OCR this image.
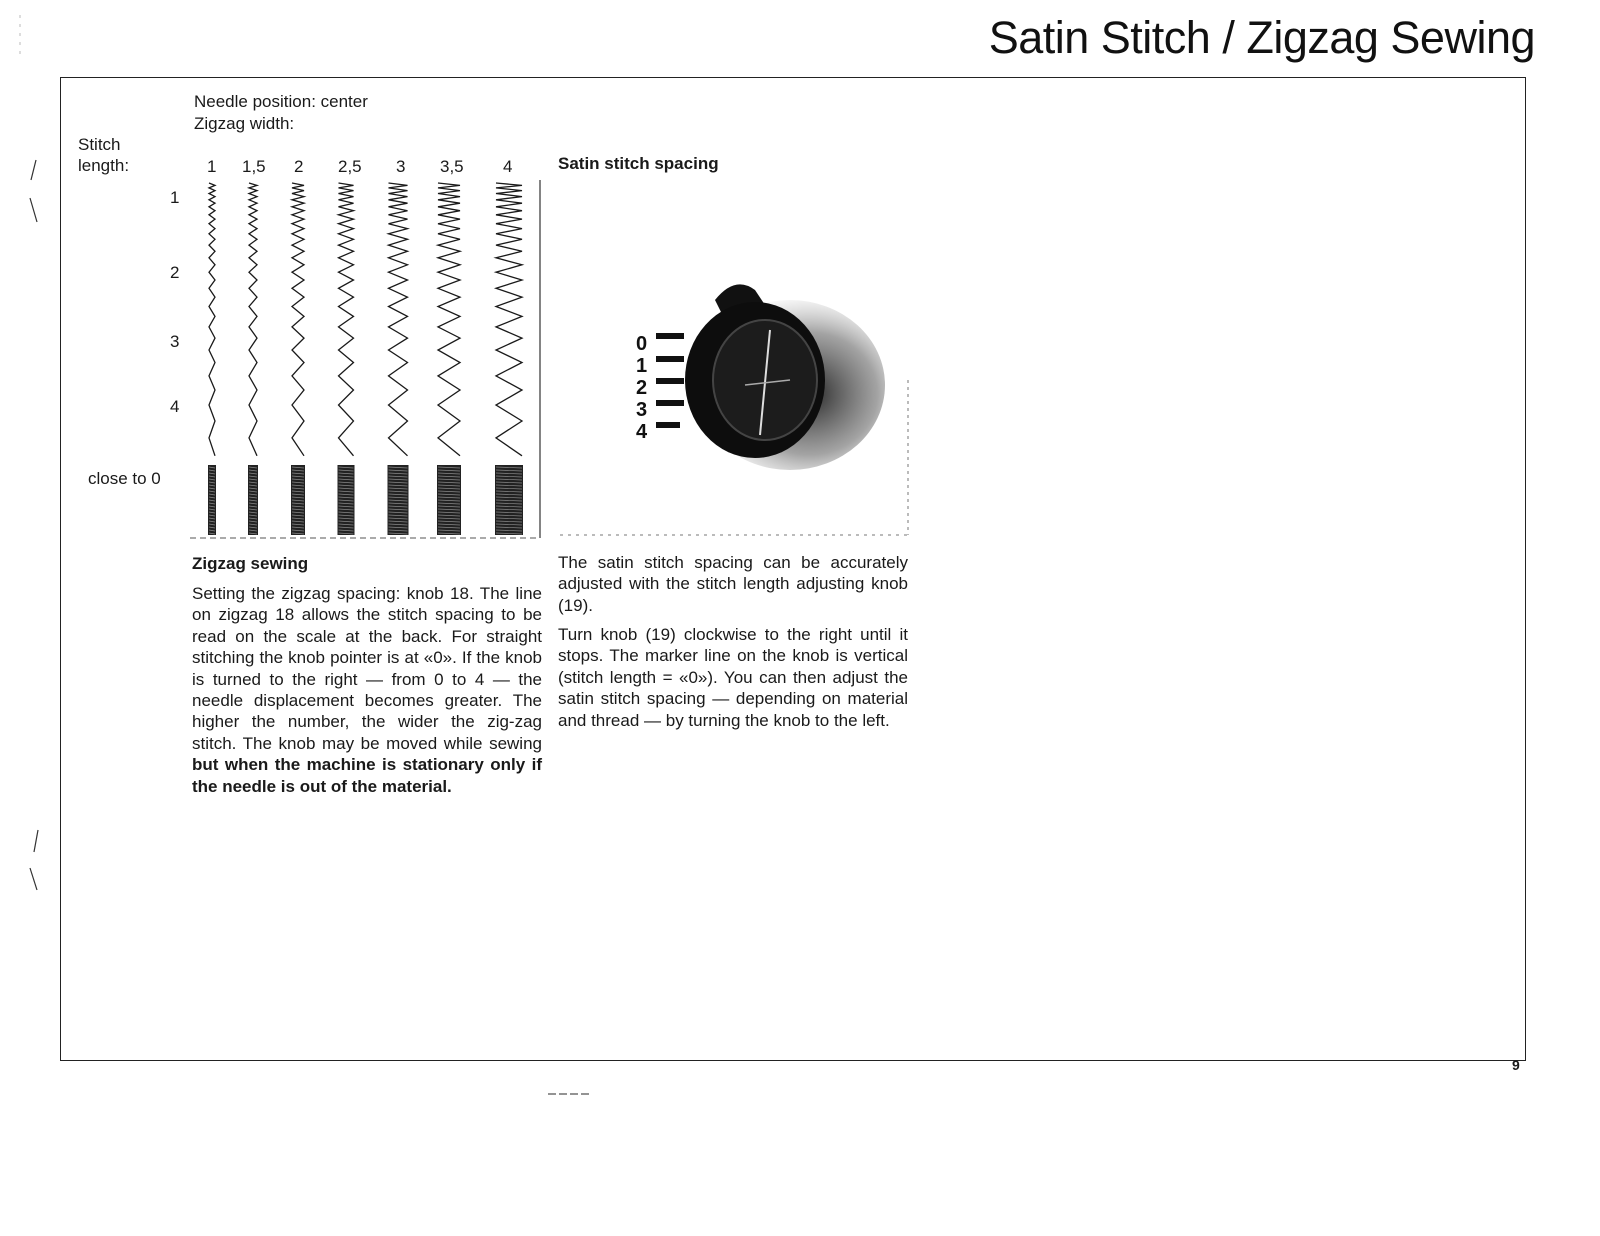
Satin Stitch / Zigzag Sewing
Needle position: center
Zigzag width:
Stitch
length:	1 1,5 2 2,5 3 3,5 4
1
2
3
4
close to 0
Satin stitch spacing
0
1
2
3
4
Zigzag sewing

Setting the zigzag spacing: knob 18. The line on zigzag 18 allows the stitch spacing to be read on the scale at the back. For straight stitching the knob pointer is at «0». If the knob is turned to the right — from 0 to 4 — the needle displacement becomes greater. The higher the number, the wider the zig-zag stitch. The knob may be moved while sewing but when the machine is stationary only if the needle is out of the material.

The satin stitch spacing can be accurately adjusted with the stitch length adjusting knob (19).

Turn knob (19) clockwise to the right until it stops. The marker line on the knob is vertical (stitch length = «0»). You can then adjust the satin stitch spacing — depending on material and thread — by turning the knob to the left.

9
